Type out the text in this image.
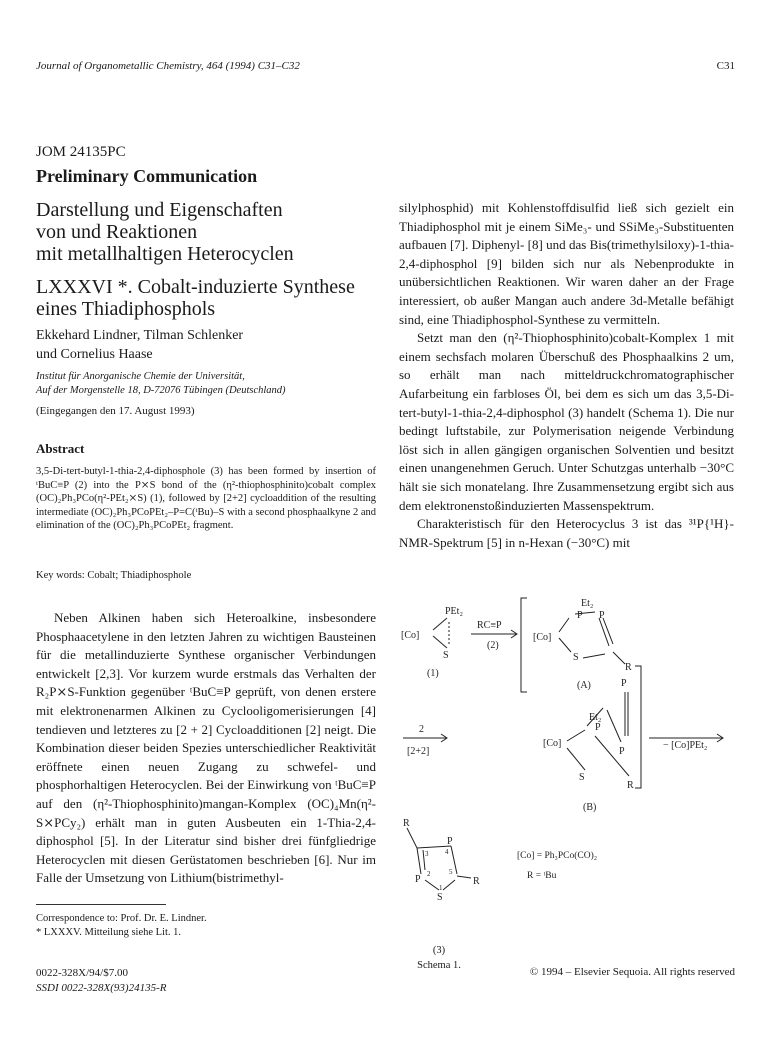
Journal of Organometallic Chemistry, 464 (1994) C31–C32	C31
JOM 24135PC
Preliminary Communication
Darstellung und Eigenschaften
von und Reaktionen
mit metallhaltigen Heterocyclen
LXXXVI *. Cobalt-induzierte Synthese
eines Thiadiphosphols
Ekkehard Lindner, Tilman Schlenker
und Cornelius Haase
Institut für Anorganische Chemie der Universität,
Auf der Morgenstelle 18, D-72076 Tübingen (Deutschland)
(Eingegangen den 17. August 1993)
Abstract
3,5-Di-tert-butyl-1-thia-2,4-diphosphole (3) has been formed by insertion of ᵗBuC≡P (2) into the P⨯S bond of the (η²-thiophosphinito)cobalt complex (OC)₂Ph₃PCo(η²-PEt₂⨯S) (1), followed by [2+2] cycloaddition of the resulting intermediate (OC)₂Ph₃PCoPEt₂–P=C(ᵗBu)–S with a second phosphaalkyne 2 and elimination of the (OC)₂Ph₃PCoPEt₂ fragment.
Key words: Cobalt; Thiadiphosphole

Neben Alkinen haben sich Heteroalkine, insbesondere Phosphaacetylene in den letzten Jahren zu wichtigen Bausteinen für die metallinduzierte Synthese organischer Verbindungen entwickelt [2,3]. Vor kurzem wurde erstmals das Verhalten der R₂P⨯S-Funktion gegenüber ᵗBuC≡P geprüft, von denen erstere mit elektronenarmen Alkinen zu Cyclooligomerisierungen [4] tendieven und letzteres zu [2 + 2] Cycloadditionen [2] neigt. Die Kombination dieser beiden Spezies unterschiedlicher Reaktivität eröffnete einen neuen Zugang zu schwefel- und phosphorhaltigen Heterocyclen. Bei der Einwirkung von ᵗBuC≡P auf den (η²-Thiophosphinito)mangan-Komplex (OC)₄Mn(η²-S⨯PCy₂) erhält man in guten Ausbeuten ein 1-Thia-2,4-diphosphol [5]. In der Literatur sind bisher drei fünfgliedrige Heterocyclen mit diesen Gerüstatomen beschrieben [6]. Nur im Falle der Umsetzung von Lithium(bistrimethyl-

silylphosphid) mit Kohlenstoffdisulfid ließ sich gezielt ein Thiadiphosphol mit je einem SiMe₃- und SSiMe₃-Substituenten aufbauen [7]. Diphenyl- [8] und das Bis(trimethylsiloxy)-1-thia-2,4-diphosphol [9] bilden sich nur als Nebenprodukte in unübersichtlichen Reaktionen. Wir waren daher an der Frage interessiert, ob außer Mangan auch andere 3d-Metalle befähigt sind, eine Thiadiphosphol-Synthese zu vermitteln.

Setzt man den (η²-Thiophosphinito)cobalt-Komplex 1 mit einem sechsfach molaren Überschuß des Phosphaalkins 2 um, so erhält man nach mitteldruckchromatographischer Aufarbeitung ein farbloses Öl, bei dem es sich um das 3,5-Di-tert-butyl-1-thia-2,4-diphosphol (3) handelt (Schema 1). Die nur bedingt luftstabile, zur Polymerisation neigende Verbindung löst sich in allen gängigen organischen Solventien und besitzt einen unangenehmen Geruch. Unter Schutzgas unterhalb −30°C hält sie sich monatelang. Ihre Zusammensetzung ergibt sich aus dem elektronenstoßinduzierten Massenspektrum.

Charakteristisch für den Heterocyclus 3 ist das ³¹P{¹H}-NMR-Spektrum [5] in n-Hexan (−30°C) mit

[Co]
PEt₂
S
(1)
RC≡P
(2)
Et₂
P P
[Co]
S
R
(A)	P
Et₂
P
P
[Co]
S
R
(B)
2
[2+2]
− [Co]PEt₂
R
P
P
S
R
1
2
3 4
5
[Co] = Ph₃PCo(CO)₂
R = ᵗBu
(3)
Schema 1.
Correspondence to: Prof. Dr. E. Lindner.
* LXXXV. Mitteilung siehe Lit. 1.
0022-328X/94/$7.00
SSDI 0022-328X(93)24135-R
© 1994 – Elsevier Sequoia. All rights reserved
